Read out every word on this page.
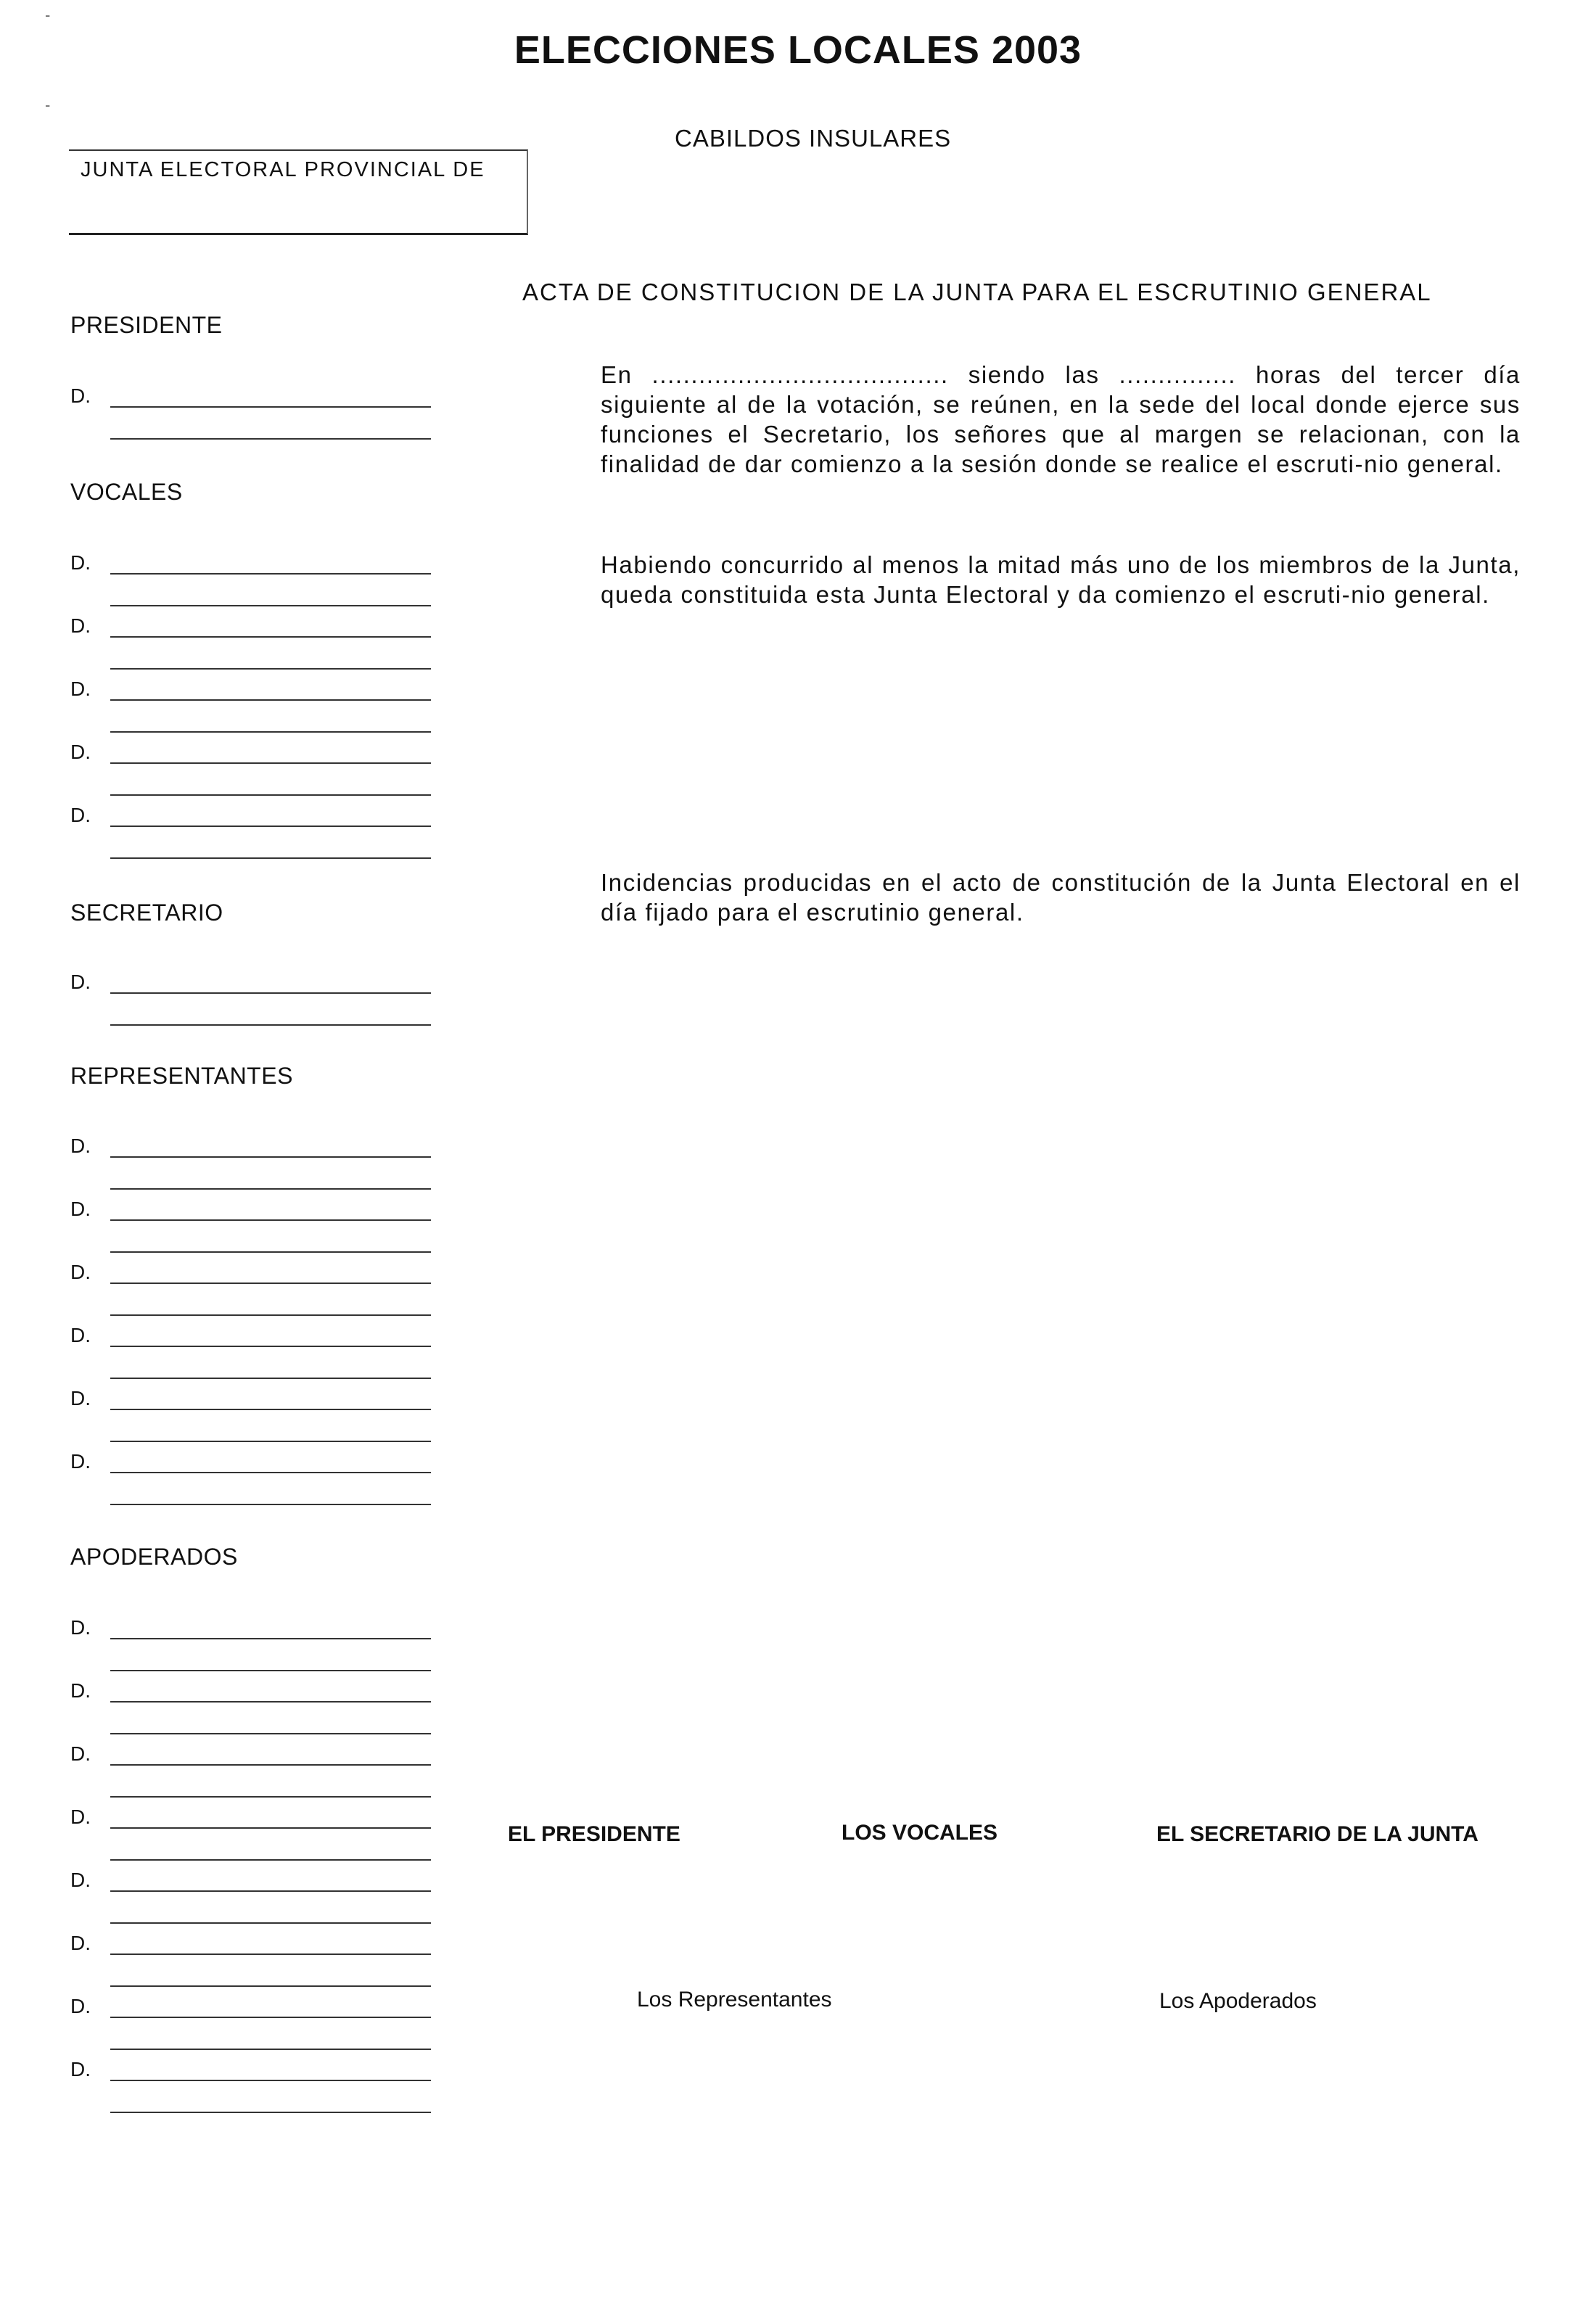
ELECCIONES LOCALES 2003
CABILDOS INSULARES
JUNTA ELECTORAL PROVINCIAL DE
PRESIDENTE
D.
VOCALES
D.
D.
D.
D.
D.
SECRETARIO
D.
REPRESENTANTES
D.
D.
D.
D.
D.
D.
APODERADOS
D.
D.
D.
D.
D.
D.
D.
D.
ACTA DE CONSTITUCION DE LA JUNTA PARA EL ESCRUTINIO GENERAL
En ...................................... siendo las ............... horas del tercer día siguiente al de la votación, se reúnen, en la sede del local donde ejerce sus funciones el Secretario, los señores que al margen se relacionan, con la finalidad de dar comienzo a la sesión donde se realice el escruti-nio general.
Habiendo concurrido al menos la mitad más uno de los miembros de la Junta, queda constituida esta Junta Electoral y da comienzo el escruti-nio general.
Incidencias producidas en el acto de constitución de la Junta Electoral en el día fijado para el escrutinio general.
EL PRESIDENTE	LOS VOCALES	EL SECRETARIO DE LA JUNTA
Los Representantes	Los Apoderados
-
-
